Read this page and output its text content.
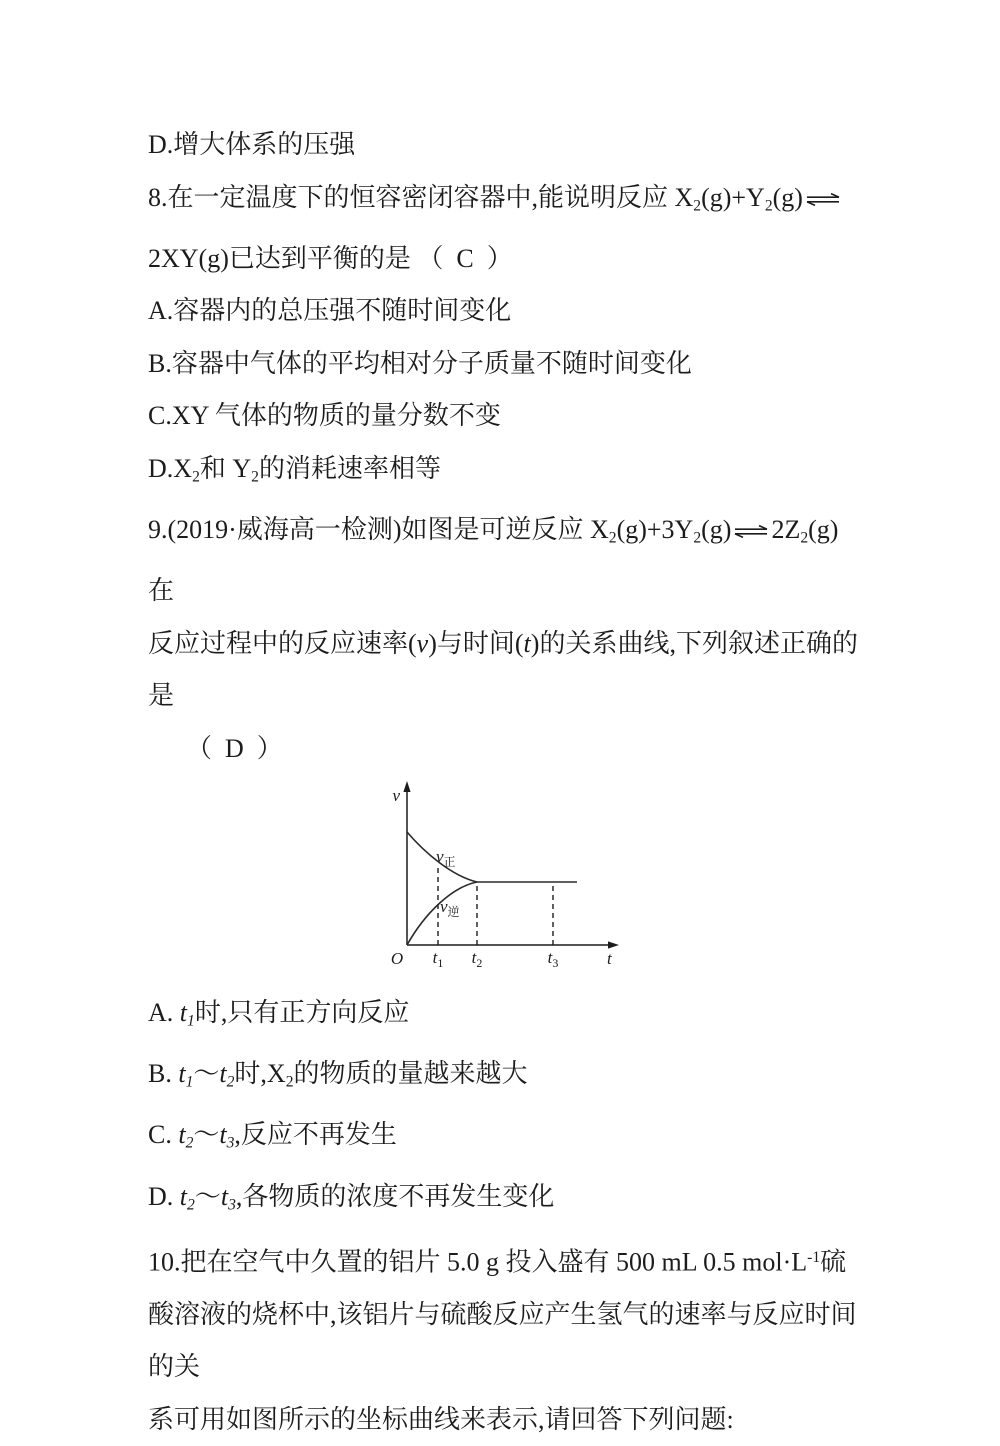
D.增大体系的压强
8.在一定温度下的恒容密闭容器中,能说明反应 X2(g)+Y2(g)⇌
2XY(g)已达到平衡的是 （  C  ）
A.容器内的总压强不随时间变化
B.容器中气体的平均相对分子质量不随时间变化
C.XY 气体的物质的量分数不变
D.X2和 Y2的消耗速率相等
9.(2019·威海高一检测)如图是可逆反应 X2(g)+3Y2(g)⇌2Z2(g)在
反应过程中的反应速率(v)与时间(t)的关系曲线,下列叙述正确的是
（  D  ）
v
O	t
$t_1$ $t_2$	$t_3$
$v_正$
$v_逆$
A. t1时,只有正方向反应
B. t1～t2时,X2的物质的量越来越大
C. t2～t3,反应不再发生
D. t2～t3,各物质的浓度不再发生变化
10.把在空气中久置的铝片 5.0 g 投入盛有 500 mL 0.5 $mol\cdot L^{-1}$硫
酸溶液的烧杯中,该铝片与硫酸反应产生氢气的速率与反应时间的关
系可用如图所示的坐标曲线来表示,请回答下列问题:
